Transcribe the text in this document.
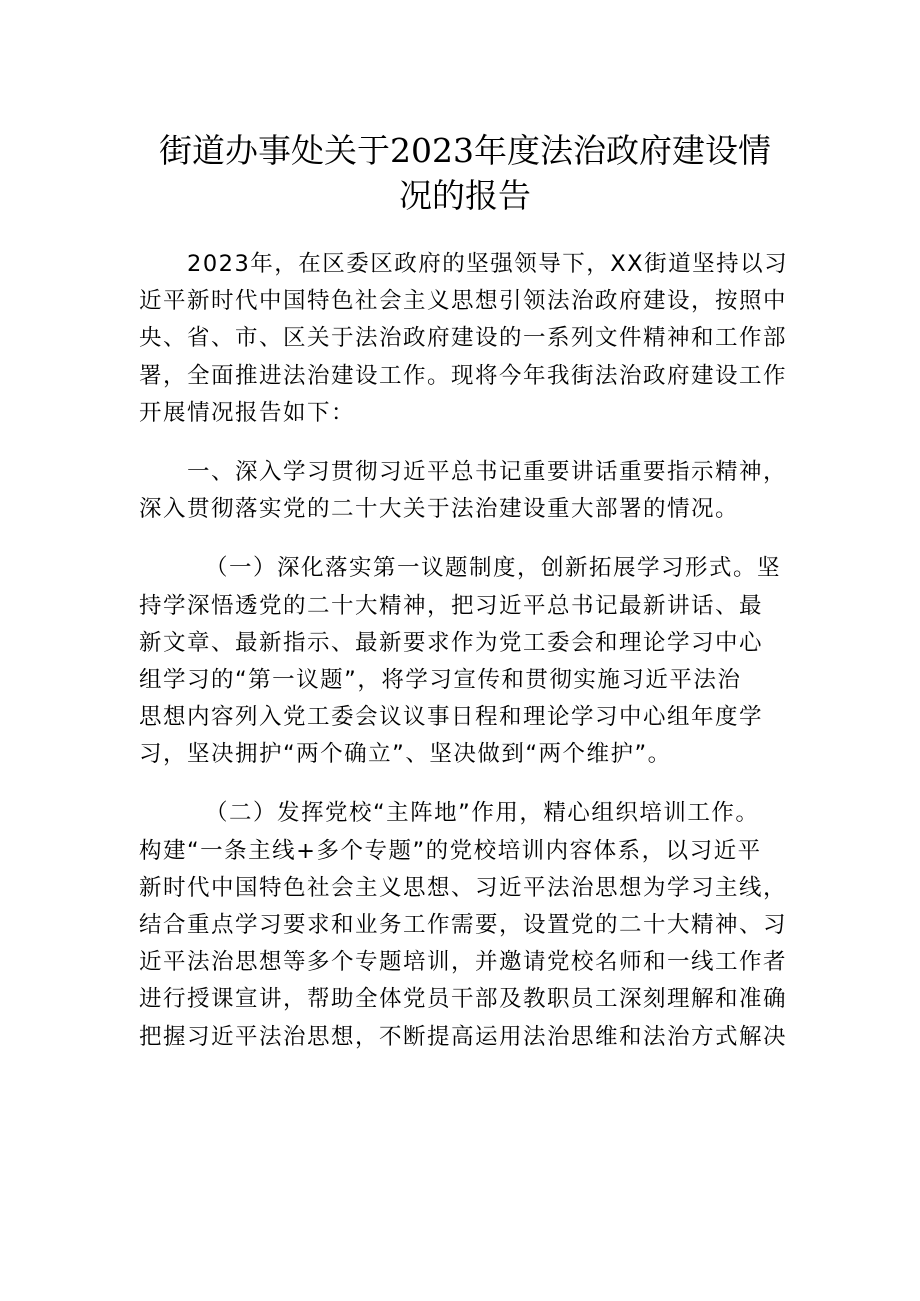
街道办事处关于2023年度法治政府建设情
况的报告
2023年，在区委区政府的坚强领导下，XX街道坚持以习
近平新时代中国特色社会主义思想引领法治政府建设，按照中
央、省、市、区关于法治政府建设的一系列文件精神和工作部
署，全面推进法治建设工作。现将今年我街法治政府建设工作
开展情况报告如下：
一、深入学习贯彻习近平总书记重要讲话重要指示精神，
深入贯彻落实党的二十大关于法治建设重大部署的情况。
（一）深化落实第一议题制度，创新拓展学习形式。坚
持学深悟透党的二十大精神，把习近平总书记最新讲话、最
新文章、最新指示、最新要求作为党工委会和理论学习中心
组学习的“第一议题”，将学习宣传和贯彻实施习近平法治
思想内容列入党工委会议议事日程和理论学习中心组年度学
习，坚决拥护“两个确立”、坚决做到“两个维护”。
（二）发挥党校“主阵地”作用，精心组织培训工作。
构建“一条主线+多个专题”的党校培训内容体系，以习近平
新时代中国特色社会主义思想、习近平法治思想为学习主线，
结合重点学习要求和业务工作需要，设置党的二十大精神、习
近平法治思想等多个专题培训，并邀请党校名师和一线工作者
进行授课宣讲，帮助全体党员干部及教职员工深刻理解和准确
把握习近平法治思想，不断提高运用法治思维和法治方式解决
